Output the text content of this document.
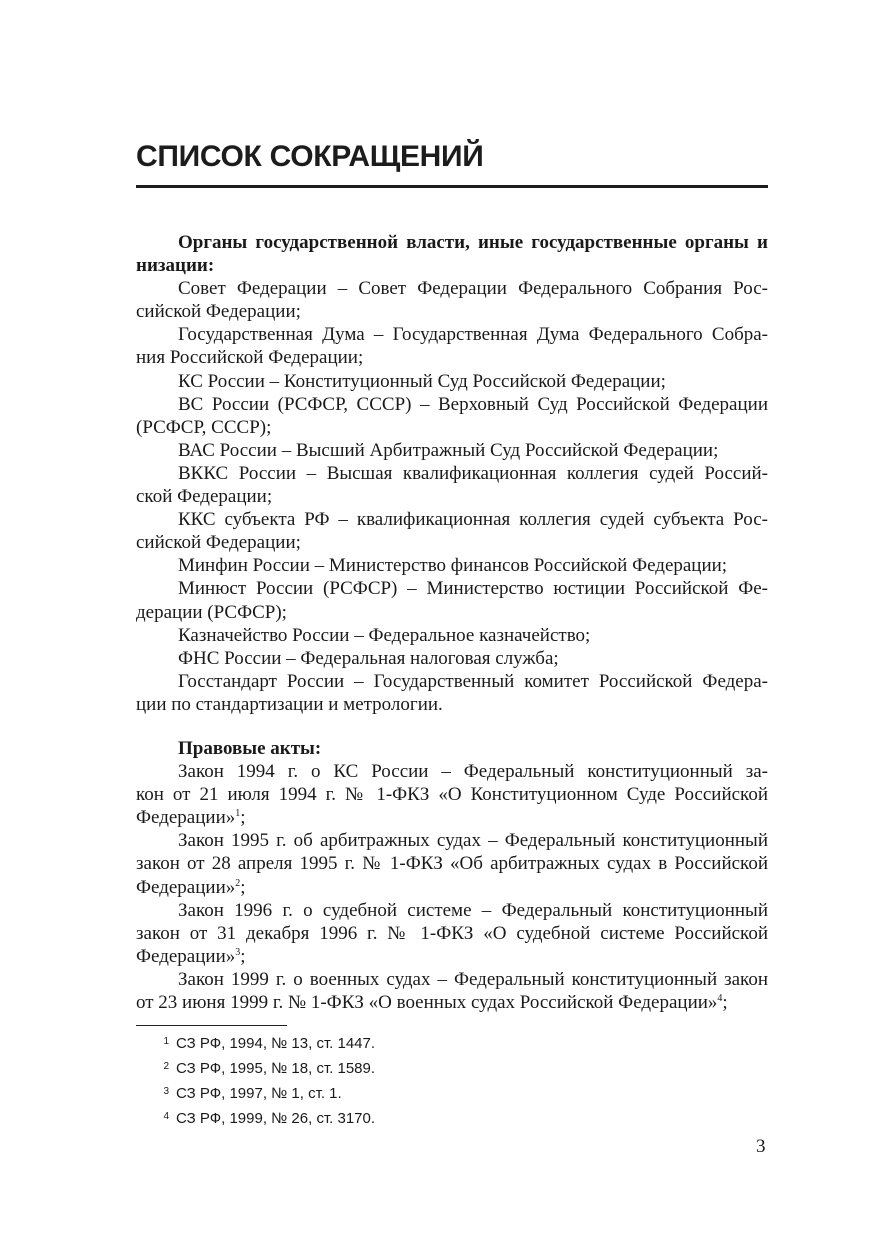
СПИСОК СОКРАЩЕНИЙ
Органы государственной власти, иные государственные органы и
низации:
Совет Федерации – Совет Федерации Федерального Собрания Рос-
сийской Федерации;
Государственная Дума – Государственная Дума Федерального Собра-
ния Российской Федерации;
КС России – Конституционный Суд Российской Федерации;
ВС России (РСФСР, СССР) – Верховный Суд Российской Федерации
(РСФСР, СССР);
ВАС России – Высший Арбитражный Суд Российской Федерации;
ВККС России – Высшая квалификационная коллегия судей Россий-
ской Федерации;
ККС субъекта РФ – квалификационная коллегия судей субъекта Рос-
сийской Федерации;
Минфин России – Министерство финансов Российской Федерации;
Минюст России (РСФСР) – Министерство юстиции Российской Фе-
дерации (РСФСР);
Казначейство России – Федеральное казначейство;
ФНС России – Федеральная налоговая служба;
Госстандарт России – Государственный комитет Российской Федера-
ции по стандартизации и метрологии.
Правовые акты:
Закон 1994 г. о КС России – Федеральный конституционный за-
кон от 21 июля 1994 г. № 1-ФКЗ «О Конституционном Суде Российской
Федерации»$^1$;
Закон 1995 г. об арбитражных судах – Федеральный конституционный
закон от 28 апреля 1995 г. № 1-ФКЗ «Об арбитражных судах в Российской
Федерации»$^2$;
Закон 1996 г. о судебной системе – Федеральный конституционный
закон от 31 декабря 1996 г. № 1-ФКЗ «О судебной системе Российской
Федерации»$^3$;
Закон 1999 г. о военных судах – Федеральный конституционный закон
от 23 июня 1999 г. № 1-ФКЗ «О военных судах Российской Федерации»$^4$;
1 СЗ РФ, 1994, № 13, ст. 1447.
2 СЗ РФ, 1995, № 18, ст. 1589.
3 СЗ РФ, 1997, № 1, ст. 1.
4 СЗ РФ, 1999, № 26, ст. 3170.
3
